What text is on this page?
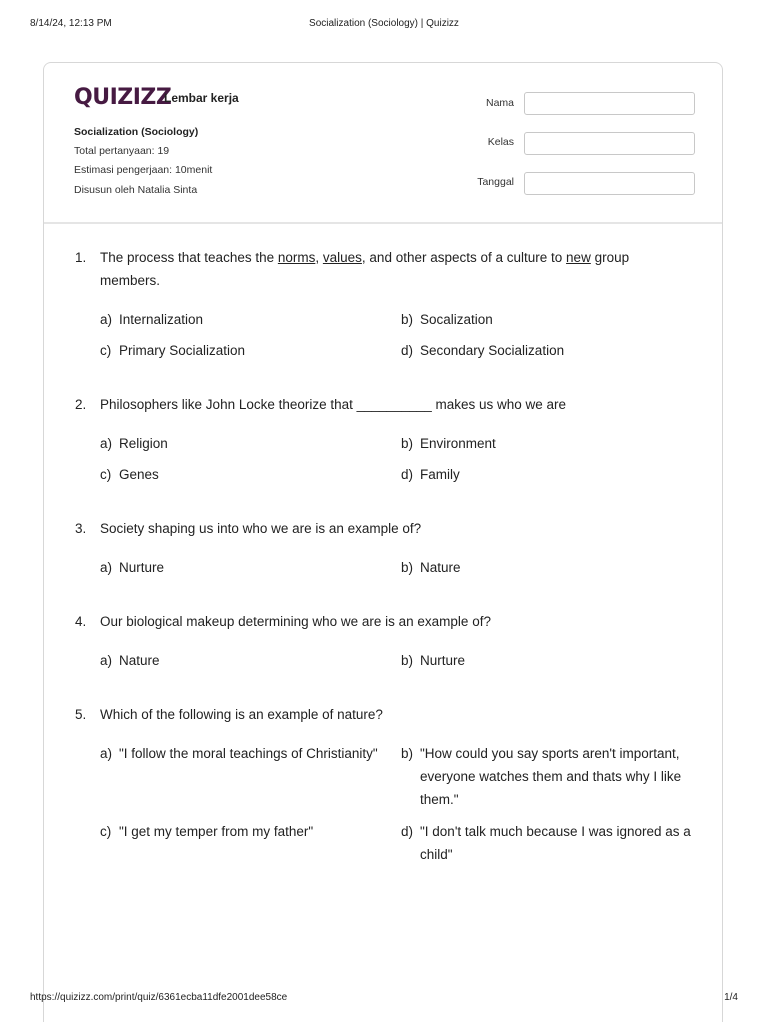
8/14/24, 12:13 PM	Socialization (Sociology) | Quizizz
QUIZIZZ
Lembar kerja
Socialization (Sociology)
Total pertanyaan: 19
Estimasi pengerjaan: 10menit
Disusun oleh Natalia Sinta
Nama
Kelas
Tanggal
1. The process that teaches the norms, values, and other aspects of a culture to new group members.
a) Internalization	b) Socalization
c) Primary Socialization	d) Secondary Socialization
2. Philosophers like John Locke theorize that __________ makes us who we are
a) Religion	b) Environment
c) Genes	d) Family
3. Society shaping us into who we are is an example of?
a) Nurture	b) Nature
4. Our biological makeup determining who we are is an example of?
a) Nature	b) Nurture
5. Which of the following is an example of nature?
a) "I follow the moral teachings of Christianity"	b) "How could you say sports aren't important, everyone watches them and thats why I like them."
c) "I get my temper from my father"	d) "I don't talk much because I was ignored as a child"
https://quizizz.com/print/quiz/6361ecba11dfe2001dee58ce	1/4
